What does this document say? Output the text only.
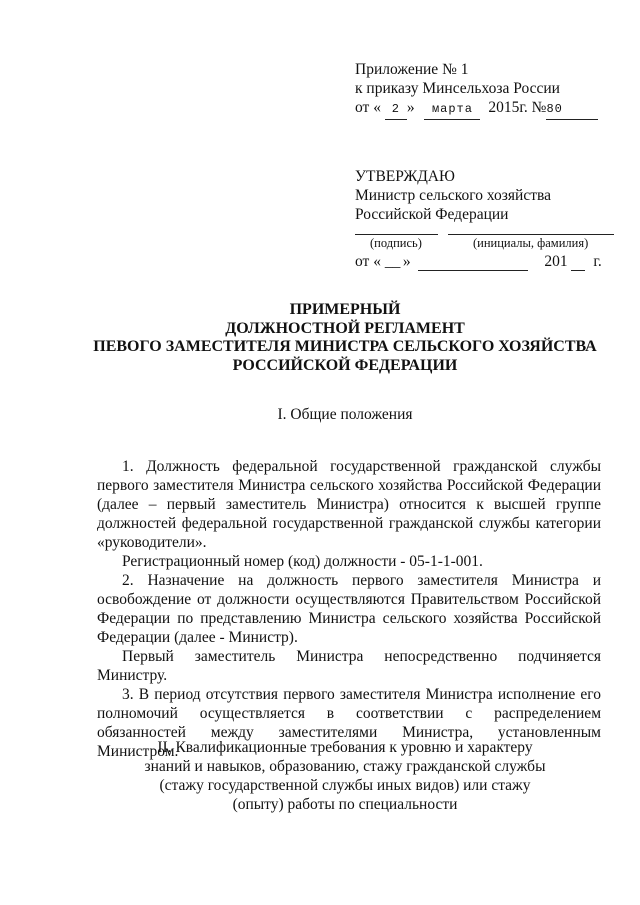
Приложение № 1
к приказу Минсельхоза России
от « 2 » марта 2015г. №80
УТВЕРЖДАЮ
Министр сельского хозяйства
Российской Федерации
(подпись)	(инициалы, фамилия)
от « __ »	201 г.
ПРИМЕРНЫЙ
ДОЛЖНОСТНОЙ РЕГЛАМЕНТ
ПЕВОГО ЗАМЕСТИТЕЛЯ МИНИСТРА СЕЛЬСКОГО ХОЗЯЙСТВА
РОССИЙСКОЙ ФЕДЕРАЦИИ
I. Общие положения

1. Должность федеральной государственной гражданской службы первого заместителя Министра сельского хозяйства Российской Федерации (далее – первый заместитель Министра) относится к высшей группе должностей федеральной государственной гражданской службы категории «руководители».

Регистрационный номер (код) должности - 05-1-1-001.

2. Назначение на должность первого заместителя Министра и освобождение от должности осуществляются Правительством Российской Федерации по представлению Министра сельского хозяйства Российской Федерации (далее - Министр).

Первый заместитель Министра непосредственно подчиняется Министру.

3. В период отсутствия первого заместителя Министра исполнение его полномочий осуществляется в соответствии с распределением обязанностей между заместителями Министра, установленным Министром.

II. Квалификационные требования к уровню и характеру
знаний и навыков, образованию, стажу гражданской службы
(стажу государственной службы иных видов) или стажу
(опыту) работы по специальности
